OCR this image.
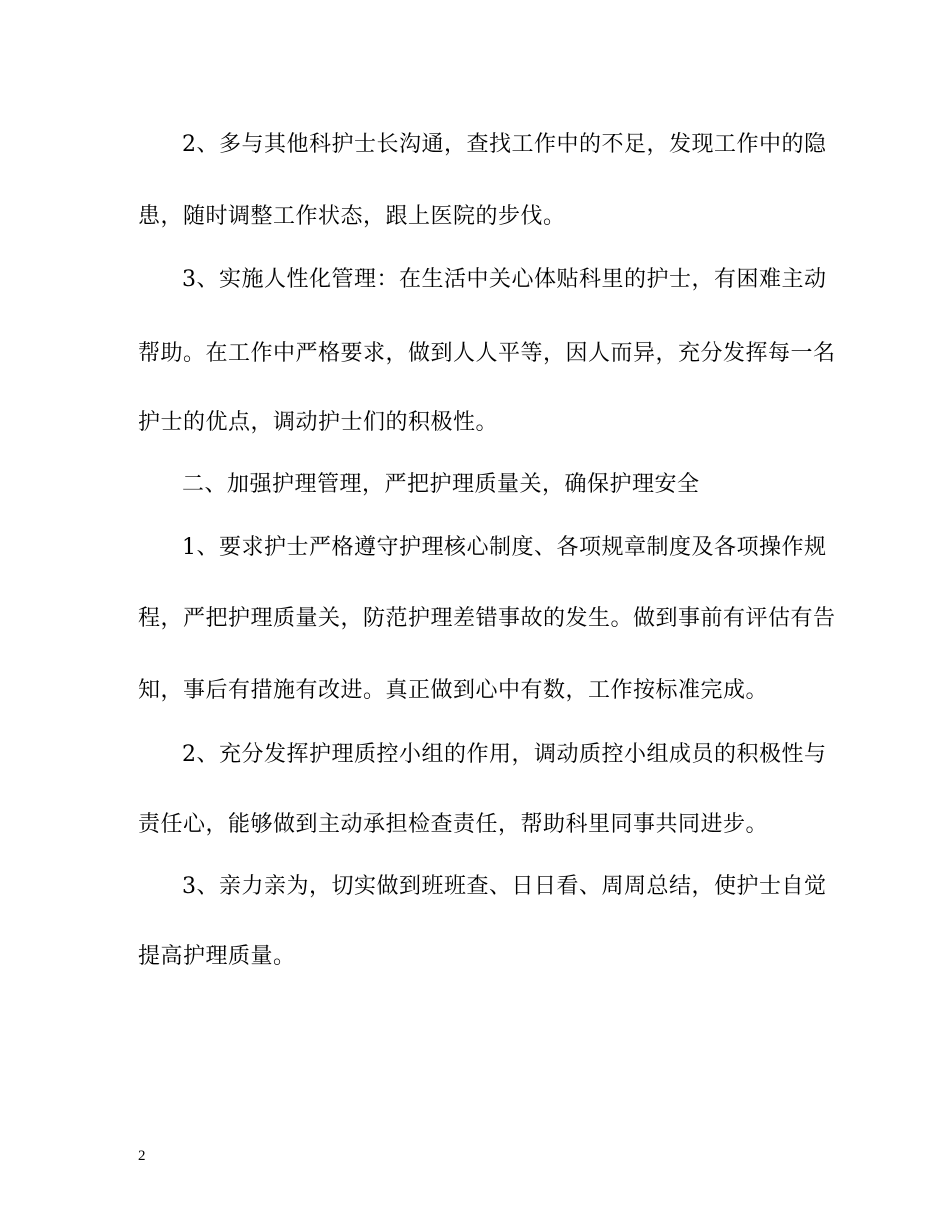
2、多与其他科护士长沟通，查找工作中的不足，发现工作中的隐
患，随时调整工作状态，跟上医院的步伐。
3、实施人性化管理：在生活中关心体贴科里的护士，有困难主动
帮助。在工作中严格要求，做到人人平等，因人而异，充分发挥每一名
护士的优点，调动护士们的积极性。
二、加强护理管理，严把护理质量关，确保护理安全
1、要求护士严格遵守护理核心制度、各项规章制度及各项操作规
程，严把护理质量关，防范护理差错事故的发生。做到事前有评估有告
知，事后有措施有改进。真正做到心中有数，工作按标准完成。
2、充分发挥护理质控小组的作用，调动质控小组成员的积极性与
责任心，能够做到主动承担检查责任，帮助科里同事共同进步。
3、亲力亲为，切实做到班班查、日日看、周周总结，使护士自觉
提高护理质量。
2
